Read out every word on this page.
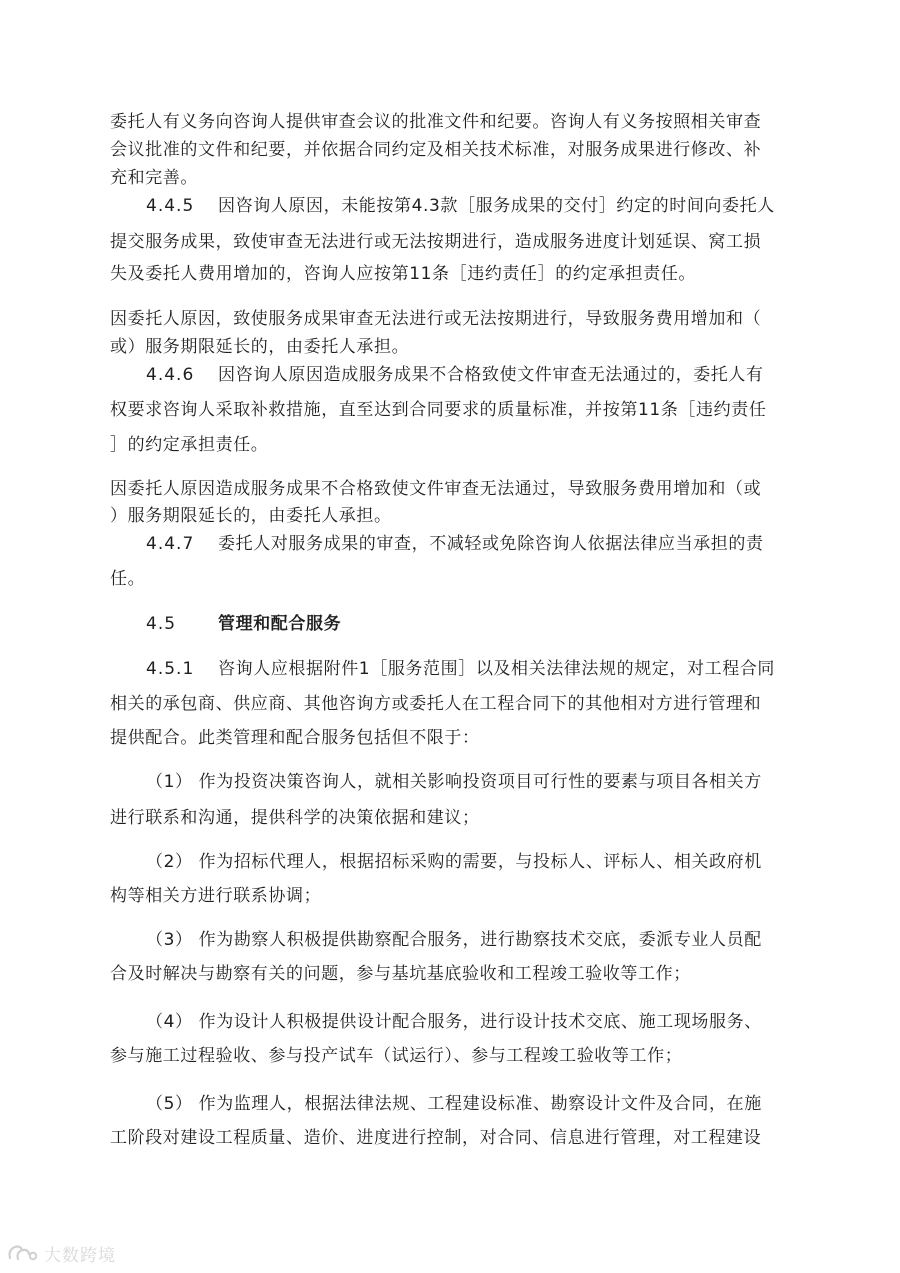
委托人有义务向咨询人提供审查会议的批准文件和纪要。咨询人有义务按照相关审查
会议批准的文件和纪要，并依据合同约定及相关技术标准，对服务成果进行修改、补
充和完善。
4.4.5 因咨询人原因，未能按第4.3款［服务成果的交付］约定的时间向委托人
提交服务成果，致使审查无法进行或无法按期进行，造成服务进度计划延误、窝工损
失及委托人费用增加的，咨询人应按第11条［违约责任］的约定承担责任。
因委托人原因，致使服务成果审查无法进行或无法按期进行，导致服务费用增加和（
或）服务期限延长的，由委托人承担。
4.4.6 因咨询人原因造成服务成果不合格致使文件审查无法通过的，委托人有
权要求咨询人采取补救措施，直至达到合同要求的质量标准，并按第11条［违约责任
］的约定承担责任。
因委托人原因造成服务成果不合格致使文件审查无法通过，导致服务费用增加和（或
）服务期限延长的，由委托人承担。
4.4.7 委托人对服务成果的审查，不减轻或免除咨询人依据法律应当承担的责
任。
4.5 管理和配合服务
4.5.1 咨询人应根据附件1［服务范围］以及相关法律法规的规定，对工程合同
相关的承包商、供应商、其他咨询方或委托人在工程合同下的其他相对方进行管理和
提供配合。此类管理和配合服务包括但不限于：
（1） 作为投资决策咨询人，就相关影响投资项目可行性的要素与项目各相关方
进行联系和沟通，提供科学的决策依据和建议；
（2） 作为招标代理人，根据招标采购的需要，与投标人、评标人、相关政府机
构等相关方进行联系协调；
（3） 作为勘察人积极提供勘察配合服务，进行勘察技术交底，委派专业人员配
合及时解决与勘察有关的问题，参与基坑基底验收和工程竣工验收等工作；
（4） 作为设计人积极提供设计配合服务，进行设计技术交底、施工现场服务、
参与施工过程验收、参与投产试车（试运行）、参与工程竣工验收等工作；
（5） 作为监理人，根据法律法规、工程建设标准、勘察设计文件及合同，在施
工阶段对建设工程质量、造价、进度进行控制，对合同、信息进行管理，对工程建设
大数跨境
